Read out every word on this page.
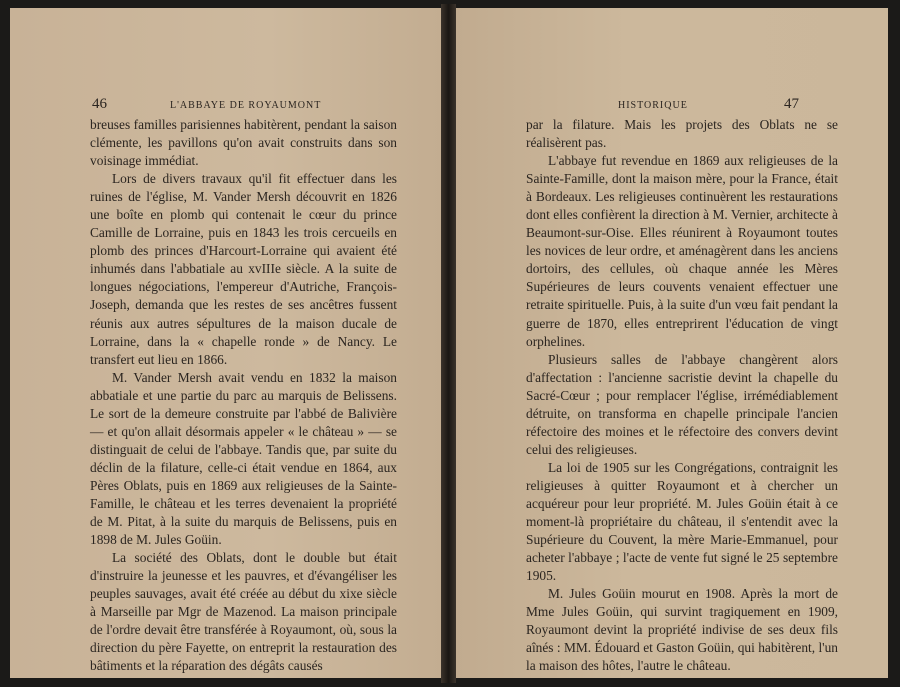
46	L'ABBAYE DE ROYAUMONT

breuses familles parisiennes habitèrent, pendant la saison clémente, les pavillons qu'on avait construits dans son voisinage immédiat.

Lors de divers travaux qu'il fit effectuer dans les ruines de l'église, M. Vander Mersh découvrit en 1826 une boîte en plomb qui contenait le cœur du prince Camille de Lorraine, puis en 1843 les trois cercueils en plomb des princes d'Harcourt-Lorraine qui avaient été inhumés dans l'abbatiale au xvIIIe siècle. A la suite de longues négociations, l'empereur d'Autriche, François-Joseph, demanda que les restes de ses ancêtres fussent réunis aux autres sépultures de la maison ducale de Lorraine, dans la « chapelle ronde » de Nancy. Le transfert eut lieu en 1866.

M. Vander Mersh avait vendu en 1832 la maison abbatiale et une partie du parc au marquis de Belissens. Le sort de la demeure construite par l'abbé de Balivière — et qu'on allait désormais appeler « le château » — se distinguait de celui de l'abbaye. Tandis que, par suite du déclin de la filature, celle-ci était vendue en 1864, aux Pères Oblats, puis en 1869 aux religieuses de la Sainte-Famille, le château et les terres devenaient la propriété de M. Pitat, à la suite du marquis de Belissens, puis en 1898 de M. Jules Goüin.

La société des Oblats, dont le double but était d'instruire la jeunesse et les pauvres, et d'évangéliser les peuples sauvages, avait été créée au début du xixe siècle à Marseille par Mgr de Mazenod. La maison principale de l'ordre devait être transférée à Royaumont, où, sous la direction du père Fayette, on entreprit la restauration des bâtiments et la réparation des dégâts causés

HISTORIQUE	47

par la filature. Mais les projets des Oblats ne se réalisèrent pas.

L'abbaye fut revendue en 1869 aux religieuses de la Sainte-Famille, dont la maison mère, pour la France, était à Bordeaux. Les religieuses continuèrent les restaurations dont elles confièrent la direction à M. Vernier, architecte à Beaumont-sur-Oise. Elles réunirent à Royaumont toutes les novices de leur ordre, et aménagèrent dans les anciens dortoirs, des cellules, où chaque année les Mères Supérieures de leurs couvents venaient effectuer une retraite spirituelle. Puis, à la suite d'un vœu fait pendant la guerre de 1870, elles entreprirent l'éducation de vingt orphelines.

Plusieurs salles de l'abbaye changèrent alors d'affectation : l'ancienne sacristie devint la chapelle du Sacré-Cœur ; pour remplacer l'église, irrémédiablement détruite, on transforma en chapelle principale l'ancien réfectoire des moines et le réfectoire des convers devint celui des religieuses.

La loi de 1905 sur les Congrégations, contraignit les religieuses à quitter Royaumont et à chercher un acquéreur pour leur propriété. M. Jules Goüin était à ce moment-là propriétaire du château, il s'entendit avec la Supérieure du Couvent, la mère Marie-Emmanuel, pour acheter l'abbaye ; l'acte de vente fut signé le 25 septembre 1905.

M. Jules Goüin mourut en 1908. Après la mort de Mme Jules Goüin, qui survint tragiquement en 1909, Royaumont devint la propriété indivise de ses deux fils aînés : MM. Édouard et Gaston Goüin, qui habitèrent, l'un la maison des hôtes, l'autre le château.
